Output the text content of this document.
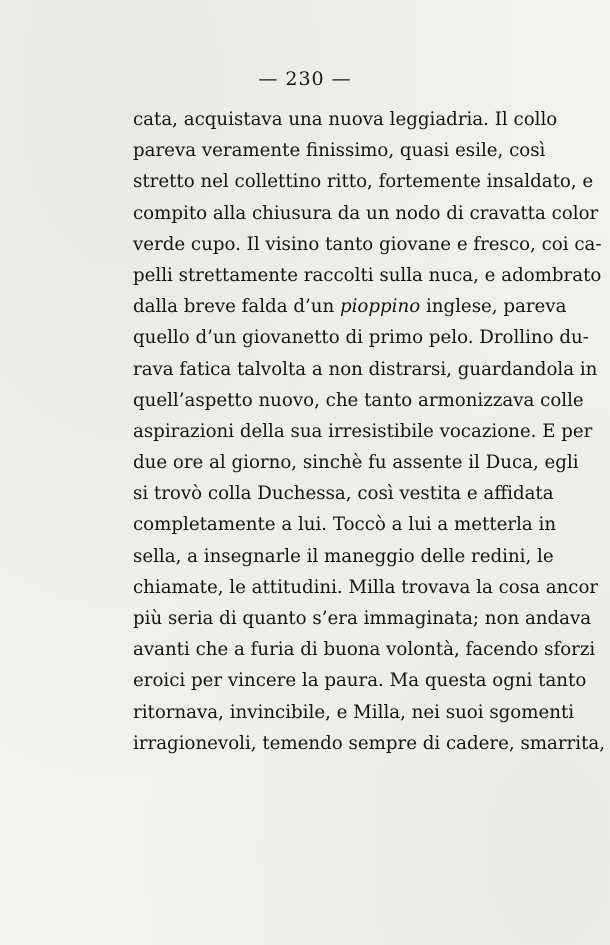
— 230 —
cata, acquistava una nuova leggiadria. Il collo
pareva veramente finissimo, quasi esile, così
stretto nel collettino ritto, fortemente insaldato, e
compito alla chiusura da un nodo di cravatta color
verde cupo. Il visino tanto giovane e fresco, coi ca-
pelli strettamente raccolti sulla nuca, e adombrato
dalla breve falda d’un pioppino inglese, pareva
quello d’un giovanetto di primo pelo. Drollino du-
rava fatica talvolta a non distrarsi, guardandola in
quell’aspetto nuovo, che tanto armonizzava colle
aspirazioni della sua irresistibile vocazione. E per
due ore al giorno, sinchè fu assente il Duca, egli
si trovò colla Duchessa, così vestita e affidata
completamente a lui. Toccò a lui a metterla in
sella, a insegnarle il maneggio delle redini, le
chiamate, le attitudini. Milla trovava la cosa ancor
più seria di quanto s’era immaginata; non andava
avanti che a furia di buona volontà, facendo sforzi
eroici per vincere la paura. Ma questa ogni tanto
ritornava, invincibile, e Milla, nei suoi sgomenti
irragionevoli, temendo sempre di cadere, smarrita,
